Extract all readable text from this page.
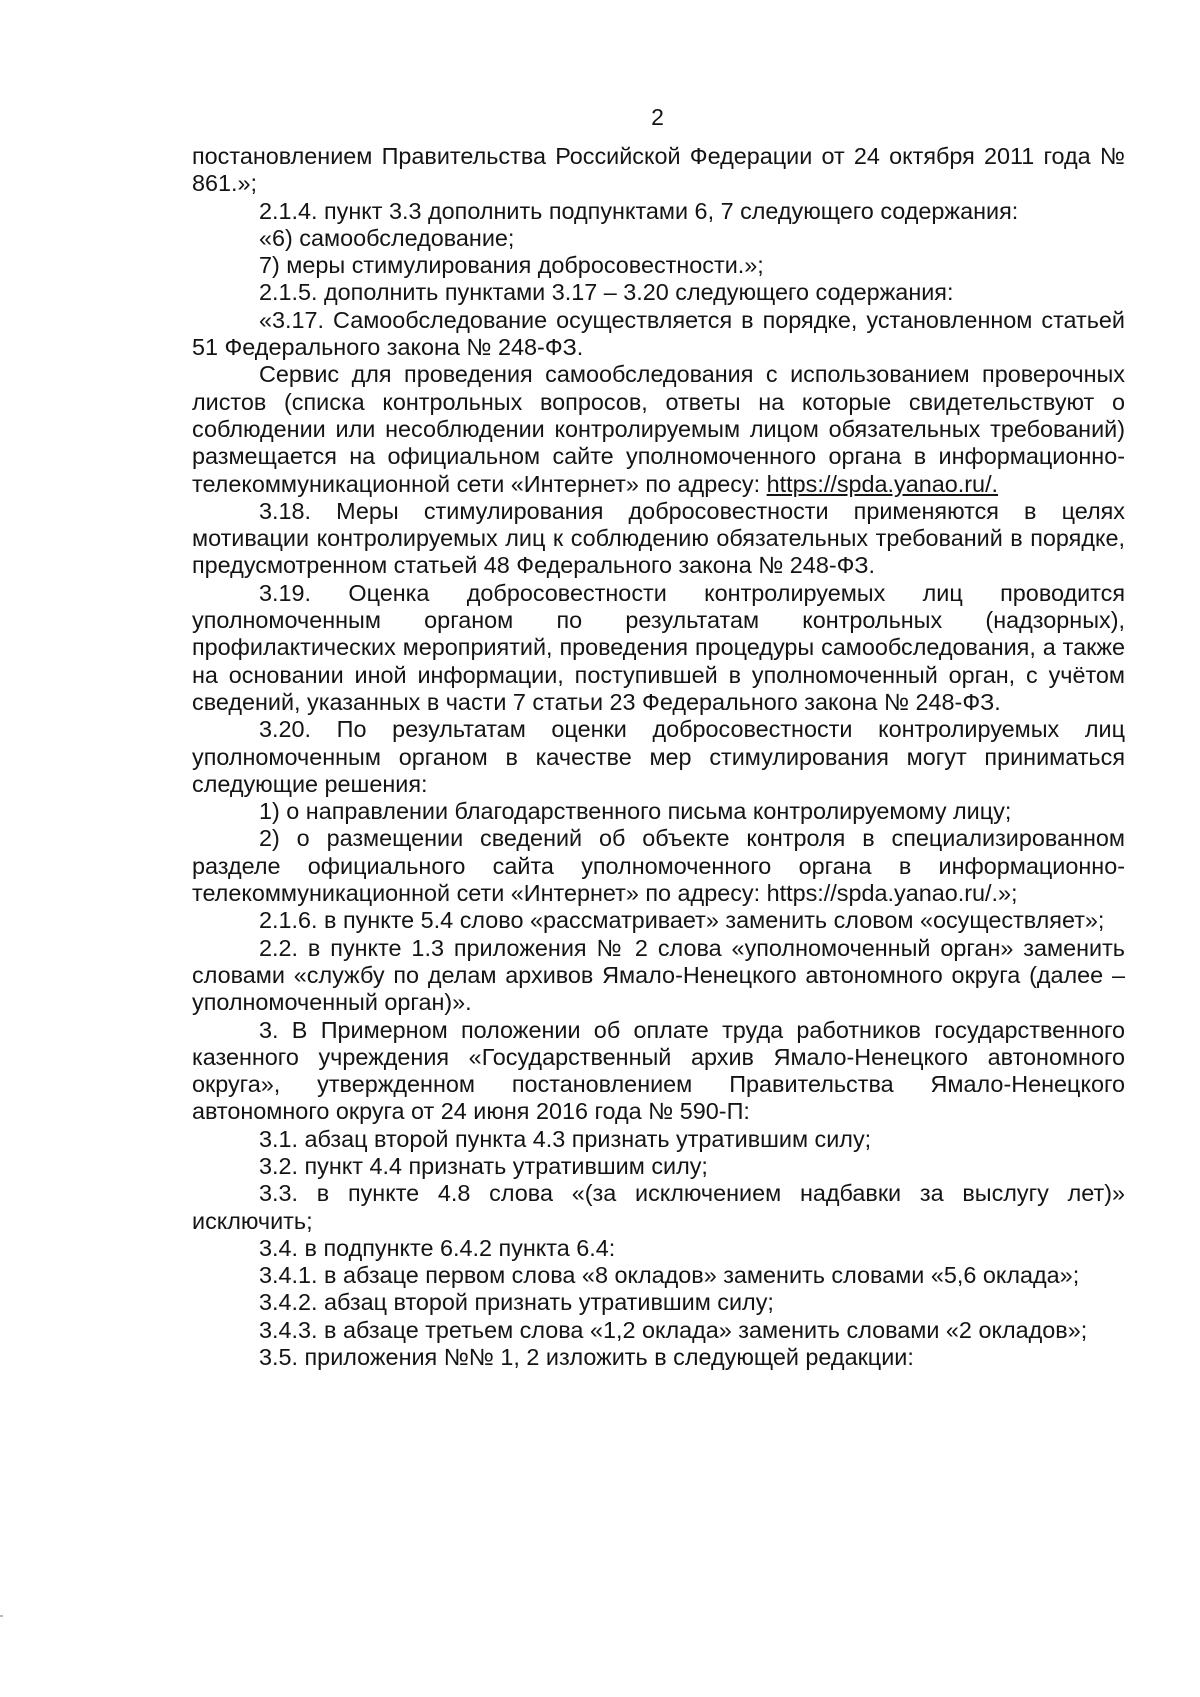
2

постановлением Правительства Российской Федерации от 24 октября 2011 года № 861.»;

2.1.4. пункт 3.3 дополнить подпунктами 6, 7 следующего содержания:

«6) самообследование;

7) меры стимулирования добросовестности.»;

2.1.5. дополнить пунктами 3.17 – 3.20 следующего содержания:

«3.17. Самообследование осуществляется в порядке, установленном статьей 51 Федерального закона № 248-ФЗ.

Сервис для проведения самообследования с использованием проверочных листов (списка контрольных вопросов, ответы на которые свидетельствуют о соблюдении или несоблюдении контролируемым лицом обязательных требований) размещается на официальном сайте уполномоченного органа в информационно-телекоммуникационной сети «Интернет» по адресу: https://spda.yanao.ru/.

3.18. Меры стимулирования добросовестности применяются в целях мотивации контролируемых лиц к соблюдению обязательных требований в порядке, предусмотренном статьей 48 Федерального закона № 248-ФЗ.

3.19. Оценка добросовестности контролируемых лиц проводится уполномоченным органом по результатам контрольных (надзорных), профилактических мероприятий, проведения процедуры самообследования, а также на основании иной информации, поступившей в уполномоченный орган, с учётом сведений, указанных в части 7 статьи 23 Федерального закона № 248-ФЗ.

3.20. По результатам оценки добросовестности контролируемых лиц уполномоченным органом в качестве мер стимулирования могут приниматься следующие решения:

1) о направлении благодарственного письма контролируемому лицу;

2) о размещении сведений об объекте контроля в специализированном разделе официального сайта уполномоченного органа в информационно-телекоммуникационной сети «Интернет» по адресу: https://spda.yanao.ru/.»;

2.1.6. в пункте 5.4 слово «рассматривает» заменить словом «осуществляет»;

2.2. в пункте 1.3 приложения № 2 слова «уполномоченный орган» заменить словами «службу по делам архивов Ямало-Ненецкого автономного округа (далее – уполномоченный орган)».

3. В Примерном положении об оплате труда работников государственного казенного учреждения «Государственный архив Ямало-Ненецкого автономного округа», утвержденном постановлением Правительства Ямало-Ненецкого автономного округа от 24 июня 2016 года № 590-П:

3.1. абзац второй пункта 4.3 признать утратившим силу;

3.2. пункт 4.4 признать утратившим силу;

3.3. в пункте 4.8 слова «(за исключением надбавки за выслугу лет)» исключить;

3.4. в подпункте 6.4.2 пункта 6.4:

3.4.1. в абзаце первом слова «8 окладов» заменить словами «5,6 оклада»;

3.4.2. абзац второй признать утратившим силу;

3.4.3. в абзаце третьем слова «1,2 оклада» заменить словами «2 окладов»;

3.5. приложения №№ 1, 2 изложить в следующей редакции:
